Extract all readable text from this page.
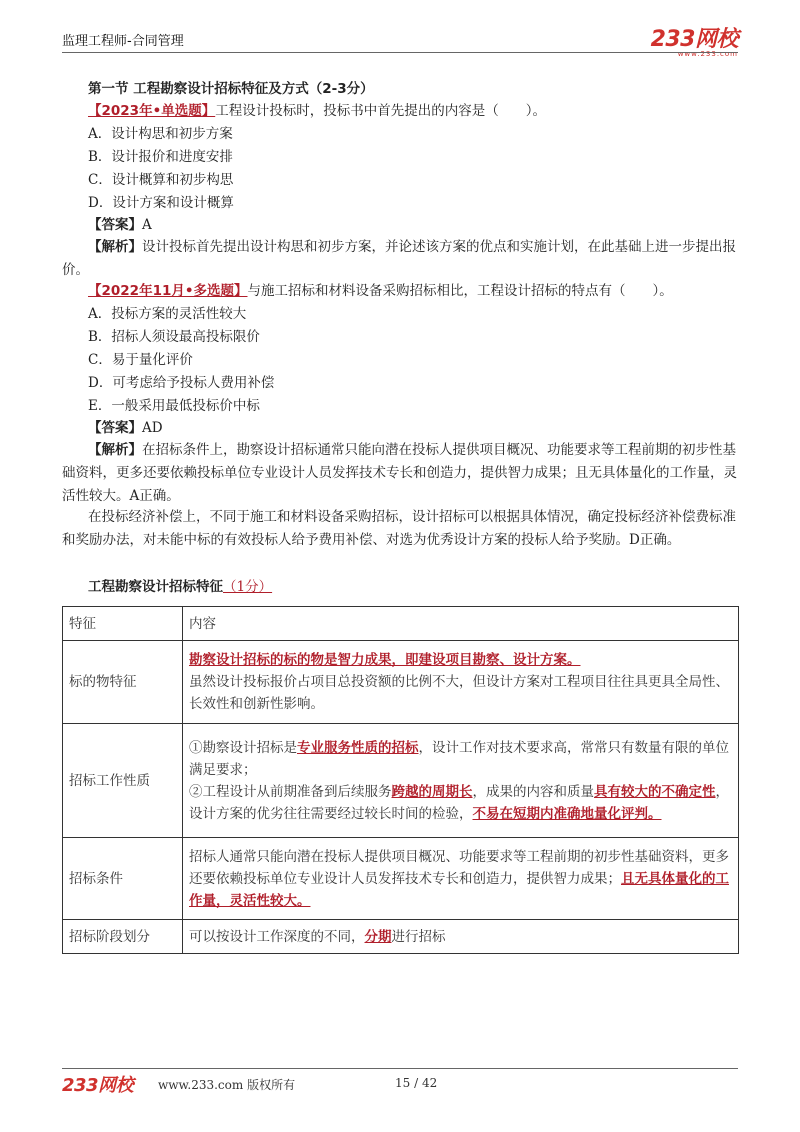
监理工程师-合同管理	233网校
www.233.com
第一节 工程勘察设计招标特征及方式（2-3分）
【2023年•单选题】工程设计投标时，投标书中首先提出的内容是（　　）。
A．设计构思和初步方案
B．设计报价和进度安排
C．设计概算和初步构思
D．设计方案和设计概算
【答案】A
【解析】设计投标首先提出设计构思和初步方案，并论述该方案的优点和实施计划，在此基础上进一步提出报价。
【2022年11月•多选题】与施工招标和材料设备采购招标相比，工程设计招标的特点有（　　）。
A．投标方案的灵活性较大
B．招标人须设最高投标限价
C．易于量化评价
D．可考虑给予投标人费用补偿
E．一般采用最低投标价中标
【答案】AD
【解析】在招标条件上，勘察设计招标通常只能向潜在投标人提供项目概况、功能要求等工程前期的初步性基础资料，更多还要依赖投标单位专业设计人员发挥技术专长和创造力，提供智力成果；且无具体量化的工作量，灵活性较大。A正确。
在投标经济补偿上，不同于施工和材料设备采购招标，设计招标可以根据具体情况，确定投标经济补偿费标准和奖励办法，对未能中标的有效投标人给予费用补偿、对选为优秀设计方案的投标人给予奖励。D正确。
工程勘察设计招标特征（1分）
特征	内容
标的物特征	勘察设计招标的标的物是智力成果，即建设项目勘察、设计方案。
虽然设计投标报价占项目总投资额的比例不大，但设计方案对工程项目往往具更具全局性、长效性和创新性影响。
招标工作性质	①勘察设计招标是专业服务性质的招标，设计工作对技术要求高，常常只有数量有限的单位满足要求；
②工程设计从前期准备到后续服务跨越的周期长，成果的内容和质量具有较大的不确定性，设计方案的优劣往往需要经过较长时间的检验，不易在短期内准确地量化评判。
招标条件	招标人通常只能向潜在投标人提供项目概况、功能要求等工程前期的初步性基础资料，更多还要依赖投标单位专业设计人员发挥技术专长和创造力，提供智力成果；且无具体量化的工作量，灵活性较大。
招标阶段划分	可以按设计工作深度的不同，分期进行招标
233网校 www.233.com 版权所有	15 / 42
